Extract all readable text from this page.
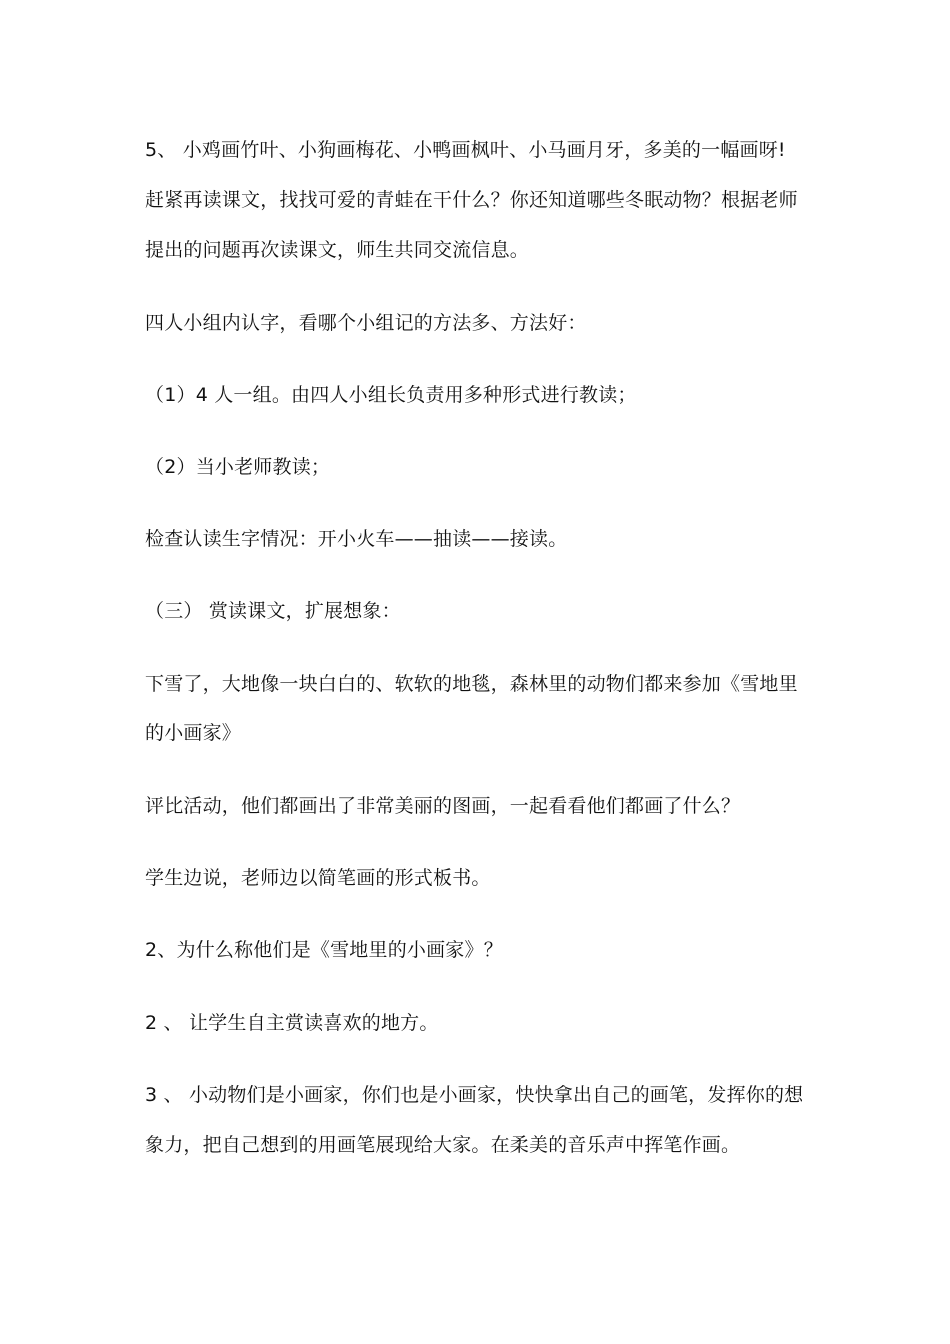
5、 小鸡画竹叶、小狗画梅花、小鸭画枫叶、小马画月牙，多美的一幅画呀!
赶紧再读课文，找找可爱的青蛙在干什么？你还知道哪些冬眠动物？根据老师
提出的问题再次读课文，师生共同交流信息。
四人小组内认字，看哪个小组记的方法多、方法好：
（1）4 人一组。由四人小组长负责用多种形式进行教读；
（2）当小老师教读；
检查认读生字情况：开小火车——抽读——接读。
（三） 赏读课文，扩展想象：
下雪了，大地像一块白白的、软软的地毯，森林里的动物们都来参加《雪地里
的小画家》
评比活动，他们都画出了非常美丽的图画，一起看看他们都画了什么？
学生边说，老师边以简笔画的形式板书。
2、为什么称他们是《雪地里的小画家》？
2 、 让学生自主赏读喜欢的地方。
3 、 小动物们是小画家，你们也是小画家，快快拿出自己的画笔，发挥你的想
象力，把自己想到的用画笔展现给大家。在柔美的音乐声中挥笔作画。
